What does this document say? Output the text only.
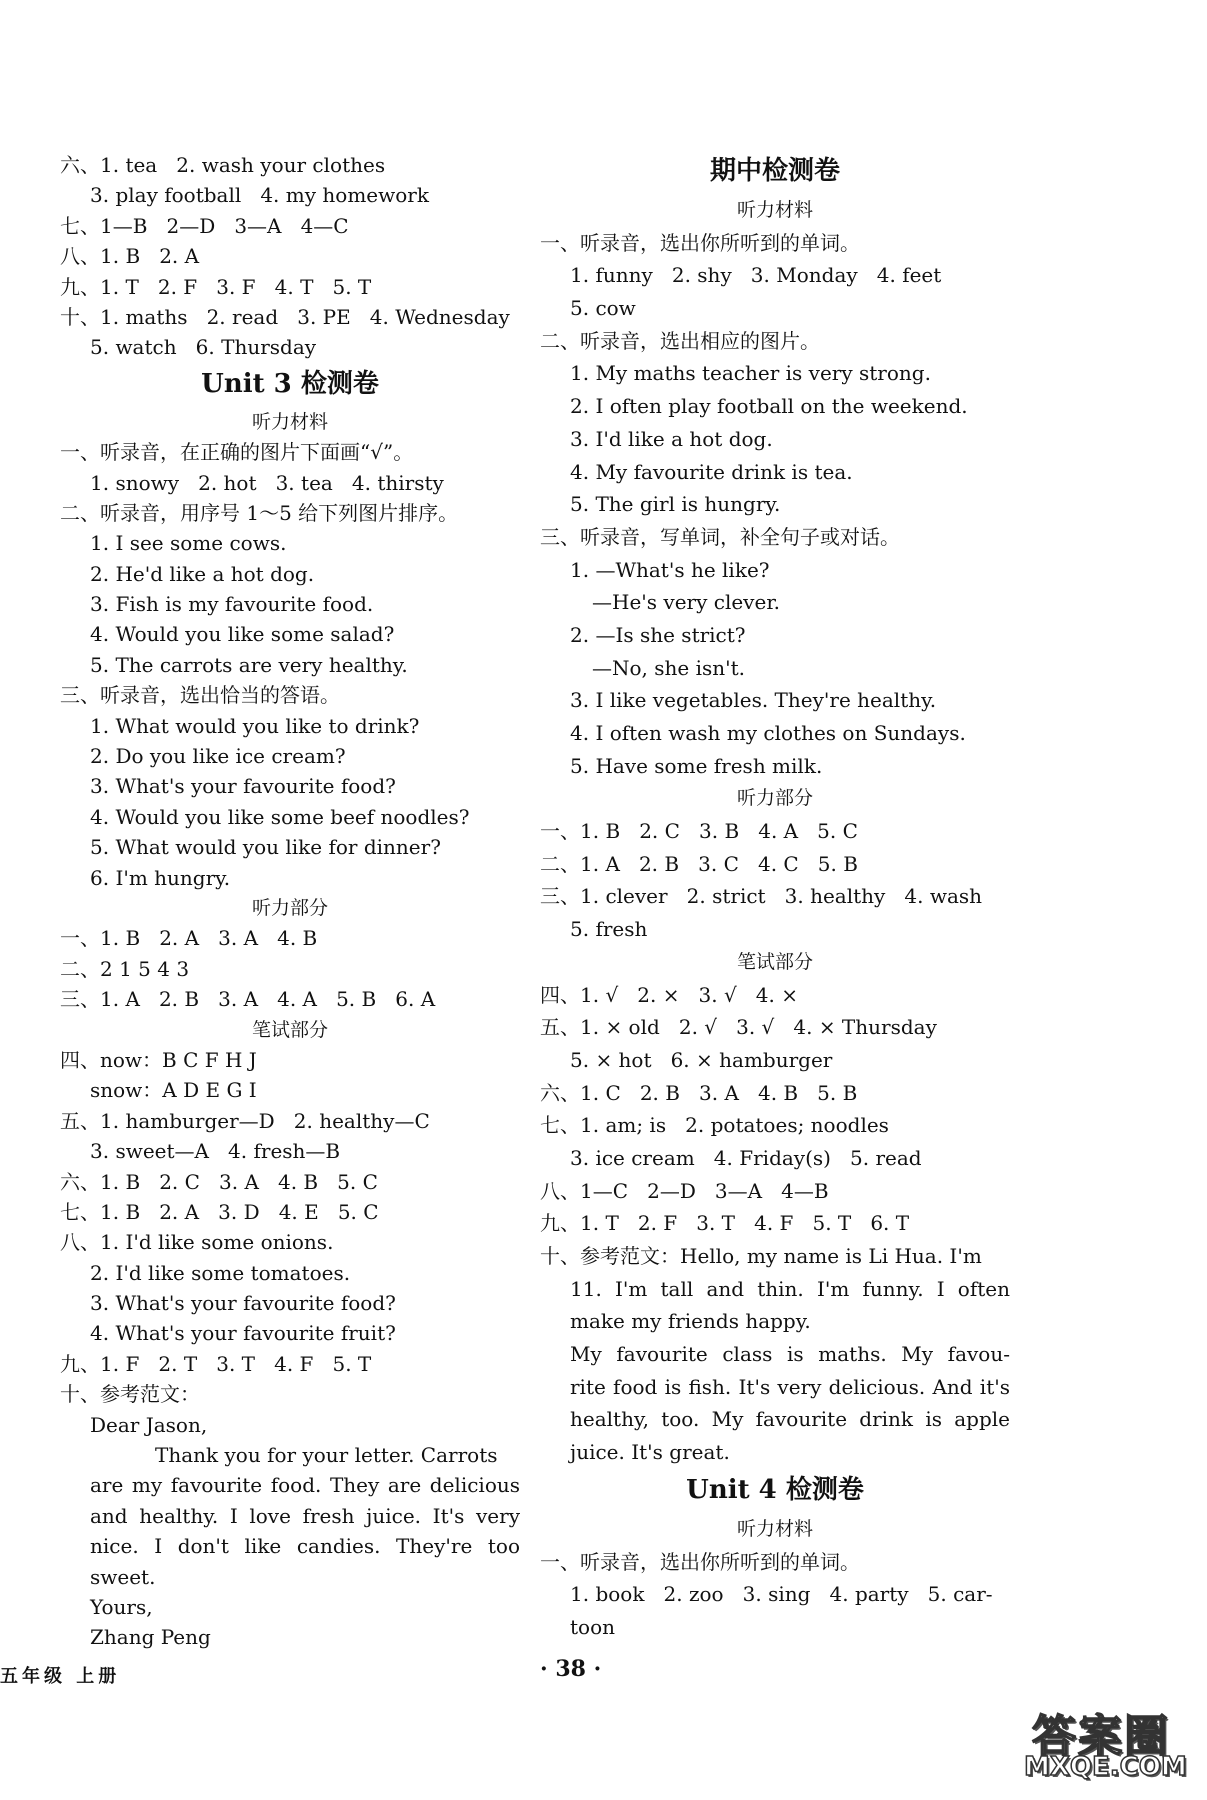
六、1. tea   2. wash your clothes
3. play football   4. my homework
七、1—B   2—D   3—A   4—C
八、1. B   2. A
九、1. T   2. F   3. F   4. T   5. T
十、1. maths   2. read   3. PE   4. Wednesday
5. watch   6. Thursday
Unit 3 检测卷
听力材料
一、听录音，在正确的图片下面画“√”。
1. snowy   2. hot   3. tea   4. thirsty
二、听录音，用序号 1～5 给下列图片排序。
1. I see some cows.
2. He'd like a hot dog.
3. Fish is my favourite food.
4. Would you like some salad?
5. The carrots are very healthy.
三、听录音，选出恰当的答语。
1. What would you like to drink?
2. Do you like ice cream?
3. What's your favourite food?
4. Would you like some beef noodles?
5. What would you like for dinner?
6. I'm hungry.
听力部分
一、1. B   2. A   3. A   4. B
二、2 1 5 4 3
三、1. A   2. B   3. A   4. A   5. B   6. A
笔试部分
四、now：B C F H J
snow：A D E G I
五、1. hamburger—D   2. healthy—C
3. sweet—A   4. fresh—B
六、1. B   2. C   3. A   4. B   5. C
七、1. B   2. A   3. D   4. E   5. C
八、1. I'd like some onions.
2. I'd like some tomatoes.
3. What's your favourite food?
4. What's your favourite fruit?
九、1. F   2. T   3. T   4. F   5. T
十、参考范文：
Dear Jason,
Thank you for your letter. Carrots
are my favourite food. They are delicious
and healthy. I love fresh juice. It's very
nice. I don't like candies. They're too
sweet.
Yours,
Zhang Peng
期中检测卷
听力材料
一、听录音，选出你所听到的单词。
1. funny   2. shy   3. Monday   4. feet
5. cow
二、听录音，选出相应的图片。
1. My maths teacher is very strong.
2. I often play football on the weekend.
3. I'd like a hot dog.
4. My favourite drink is tea.
5. The girl is hungry.
三、听录音，写单词，补全句子或对话。
1. —What's he like?
—He's very clever.
2. —Is she strict?
—No, she isn't.
3. I like vegetables. They're healthy.
4. I often wash my clothes on Sundays.
5. Have some fresh milk.
听力部分
一、1. B   2. C   3. B   4. A   5. C
二、1. A   2. B   3. C   4. C   5. B
三、1. clever   2. strict   3. healthy   4. wash
5. fresh
笔试部分
四、1. √   2. ×   3. √   4. ×
五、1. × old   2. √   3. √   4. × Thursday
5. × hot   6. × hamburger
六、1. C   2. B   3. A   4. B   5. B
七、1. am; is   2. potatoes; noodles
3. ice cream   4. Friday(s)   5. read
八、1—C   2—D   3—A   4—B
九、1. T   2. F   3. T   4. F   5. T   6. T
十、参考范文：Hello, my name is Li Hua. I'm
11. I'm tall and thin. I'm funny. I often
make my friends happy.
My favourite class is maths. My favou-
rite food is fish. It's very delicious. And it's
healthy, too. My favourite drink is apple
juice. It's great.
Unit 4 检测卷
听力材料
一、听录音，选出你所听到的单词。
1. book   2. zoo   3. sing   4. party   5. car-
toon
五年级 上册	· 38 ·
答案圈
MXQE.COM
